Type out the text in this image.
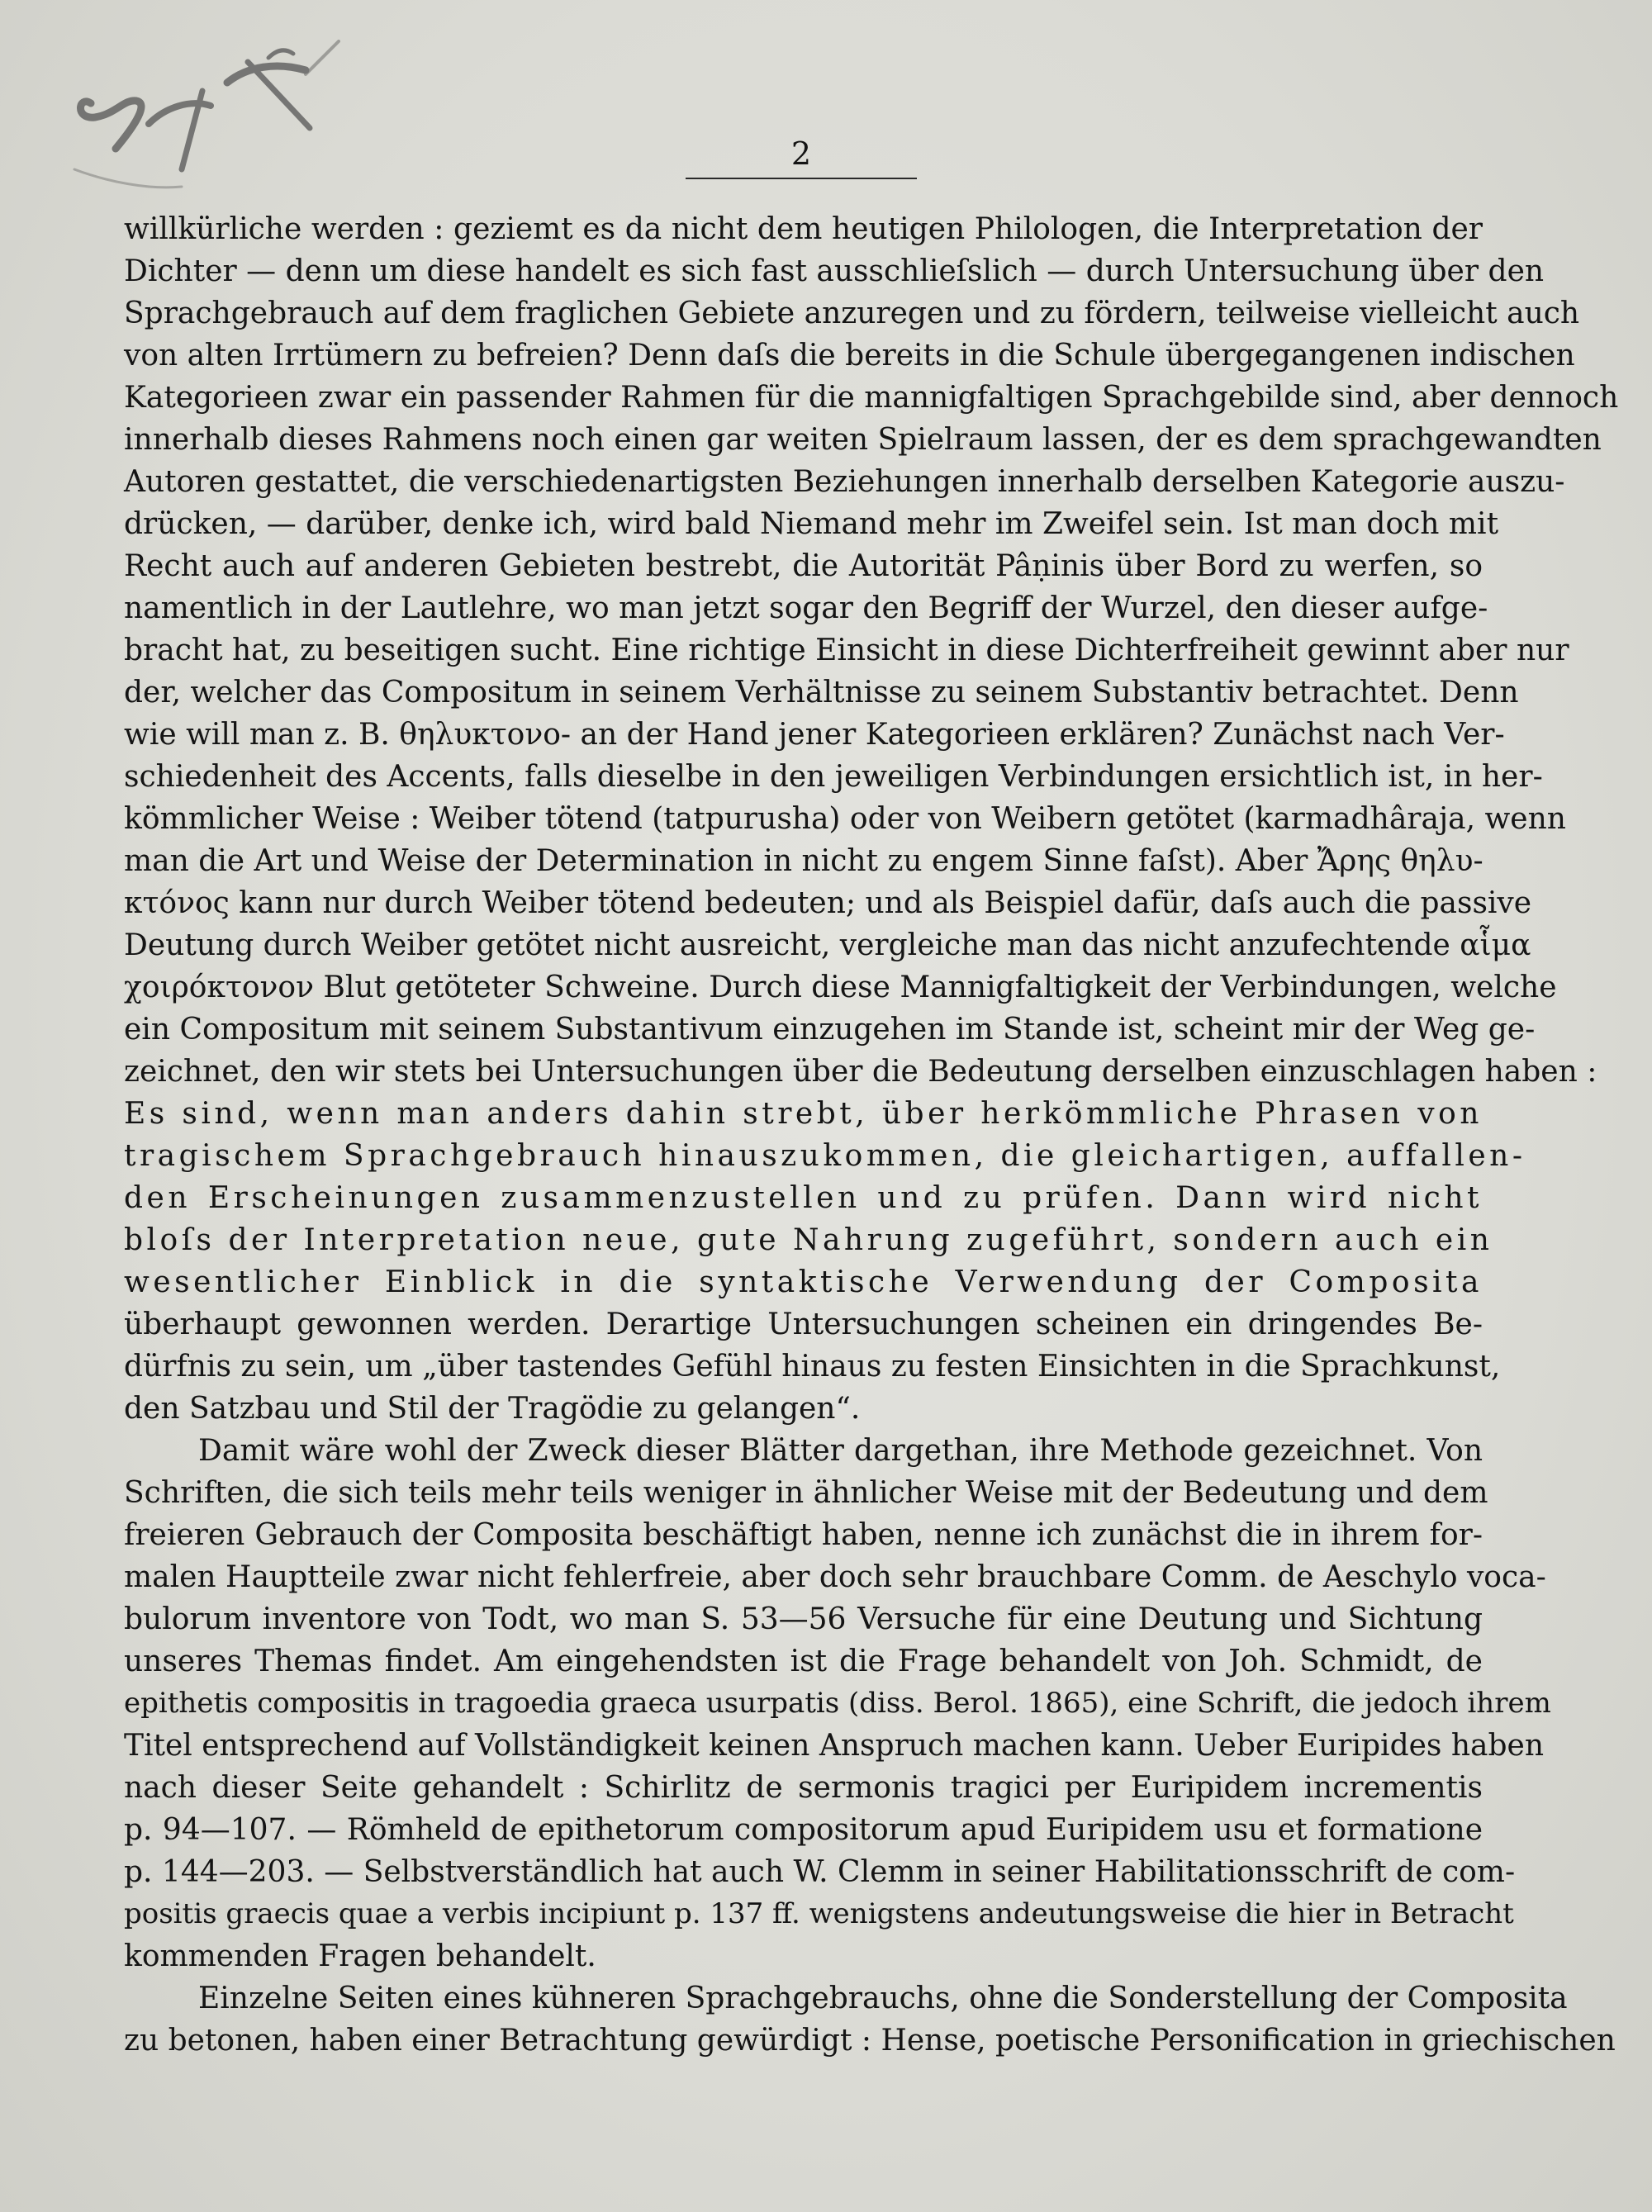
2
willkürliche werden : geziemt es da nicht dem heutigen Philologen, die Interpretation der
Dichter — denn um diese handelt es sich fast ausschlieſslich — durch Untersuchung über den
Sprachgebrauch auf dem fraglichen Gebiete anzuregen und zu fördern, teilweise vielleicht auch
von alten Irrtümern zu befreien? Denn daſs die bereits in die Schule übergegangenen indischen
Kategorieen zwar ein passender Rahmen für die mannigfaltigen Sprachgebilde sind, aber dennoch
innerhalb dieses Rahmens noch einen gar weiten Spielraum lassen, der es dem sprachgewandten
Autoren gestattet, die verschiedenartigsten Beziehungen innerhalb derselben Kategorie auszu-
drücken, — darüber, denke ich, wird bald Niemand mehr im Zweifel sein. Ist man doch mit
Recht auch auf anderen Gebieten bestrebt, die Autorität Pâṇinis über Bord zu werfen, so
namentlich in der Lautlehre, wo man jetzt sogar den Begriff der Wurzel, den dieser aufge-
bracht hat, zu beseitigen sucht. Eine richtige Einsicht in diese Dichterfreiheit gewinnt aber nur
der, welcher das Compositum in seinem Verhältnisse zu seinem Substantiv betrachtet. Denn
wie will man z. B. θηλυκτονο- an der Hand jener Kategorieen erklären? Zunächst nach Ver-
schiedenheit des Accents, falls dieselbe in den jeweiligen Verbindungen ersichtlich ist, in her-
kömmlicher Weise : Weiber tötend (tatpurusha) oder von Weibern getötet (karmadhâraja, wenn
man die Art und Weise der Determination in nicht zu engem Sinne faſst). Aber Ἄρης θηλυ-
κτόνος kann nur durch Weiber tötend bedeuten; und als Beispiel dafür, daſs auch die passive
Deutung durch Weiber getötet nicht ausreicht, vergleiche man das nicht anzufechtende αἷμα
χοιρόκτονον Blut getöteter Schweine. Durch diese Mannigfaltigkeit der Verbindungen, welche
ein Compositum mit seinem Substantivum einzugehen im Stande ist, scheint mir der Weg ge-
zeichnet, den wir stets bei Untersuchungen über die Bedeutung derselben einzuschlagen haben :
Es sind, wenn man anders dahin strebt, über herkömmliche Phrasen von
tragischem Sprachgebrauch hinauszukommen, die gleichartigen, auffallen-
den Erscheinungen zusammenzustellen und zu prüfen. Dann wird nicht
bloſs der Interpretation neue, gute Nahrung zugeführt, sondern auch ein
wesentlicher Einblick in die syntaktische Verwendung der Composita
überhaupt gewonnen werden. Derartige Untersuchungen scheinen ein dringendes Be-
dürfnis zu sein, um „über tastendes Gefühl hinaus zu festen Einsichten in die Sprachkunst,
den Satzbau und Stil der Tragödie zu gelangen“.
Damit wäre wohl der Zweck dieser Blätter dargethan, ihre Methode gezeichnet. Von
Schriften, die sich teils mehr teils weniger in ähnlicher Weise mit der Bedeutung und dem
freieren Gebrauch der Composita beschäftigt haben, nenne ich zunächst die in ihrem for-
malen Hauptteile zwar nicht fehlerfreie, aber doch sehr brauchbare Comm. de Aeschylo voca-
bulorum inventore von Todt, wo man S. 53—56 Versuche für eine Deutung und Sichtung
unseres Themas findet. Am eingehendsten ist die Frage behandelt von Joh. Schmidt, de
epithetis compositis in tragoedia graeca usurpatis (diss. Berol. 1865), eine Schrift, die jedoch ihrem
Titel entsprechend auf Vollständigkeit keinen Anspruch machen kann. Ueber Euripides haben
nach dieser Seite gehandelt : Schirlitz de sermonis tragici per Euripidem incrementis
p. 94—107. — Römheld de epithetorum compositorum apud Euripidem usu et formatione
p. 144—203. — Selbstverständlich hat auch W. Clemm in seiner Habilitationsschrift de com-
positis graecis quae a verbis incipiunt p. 137 ff. wenigstens andeutungsweise die hier in Betracht
kommenden Fragen behandelt.
Einzelne Seiten eines kühneren Sprachgebrauchs, ohne die Sonderstellung der Composita
zu betonen, haben einer Betrachtung gewürdigt : Hense, poetische Personification in griechischen
